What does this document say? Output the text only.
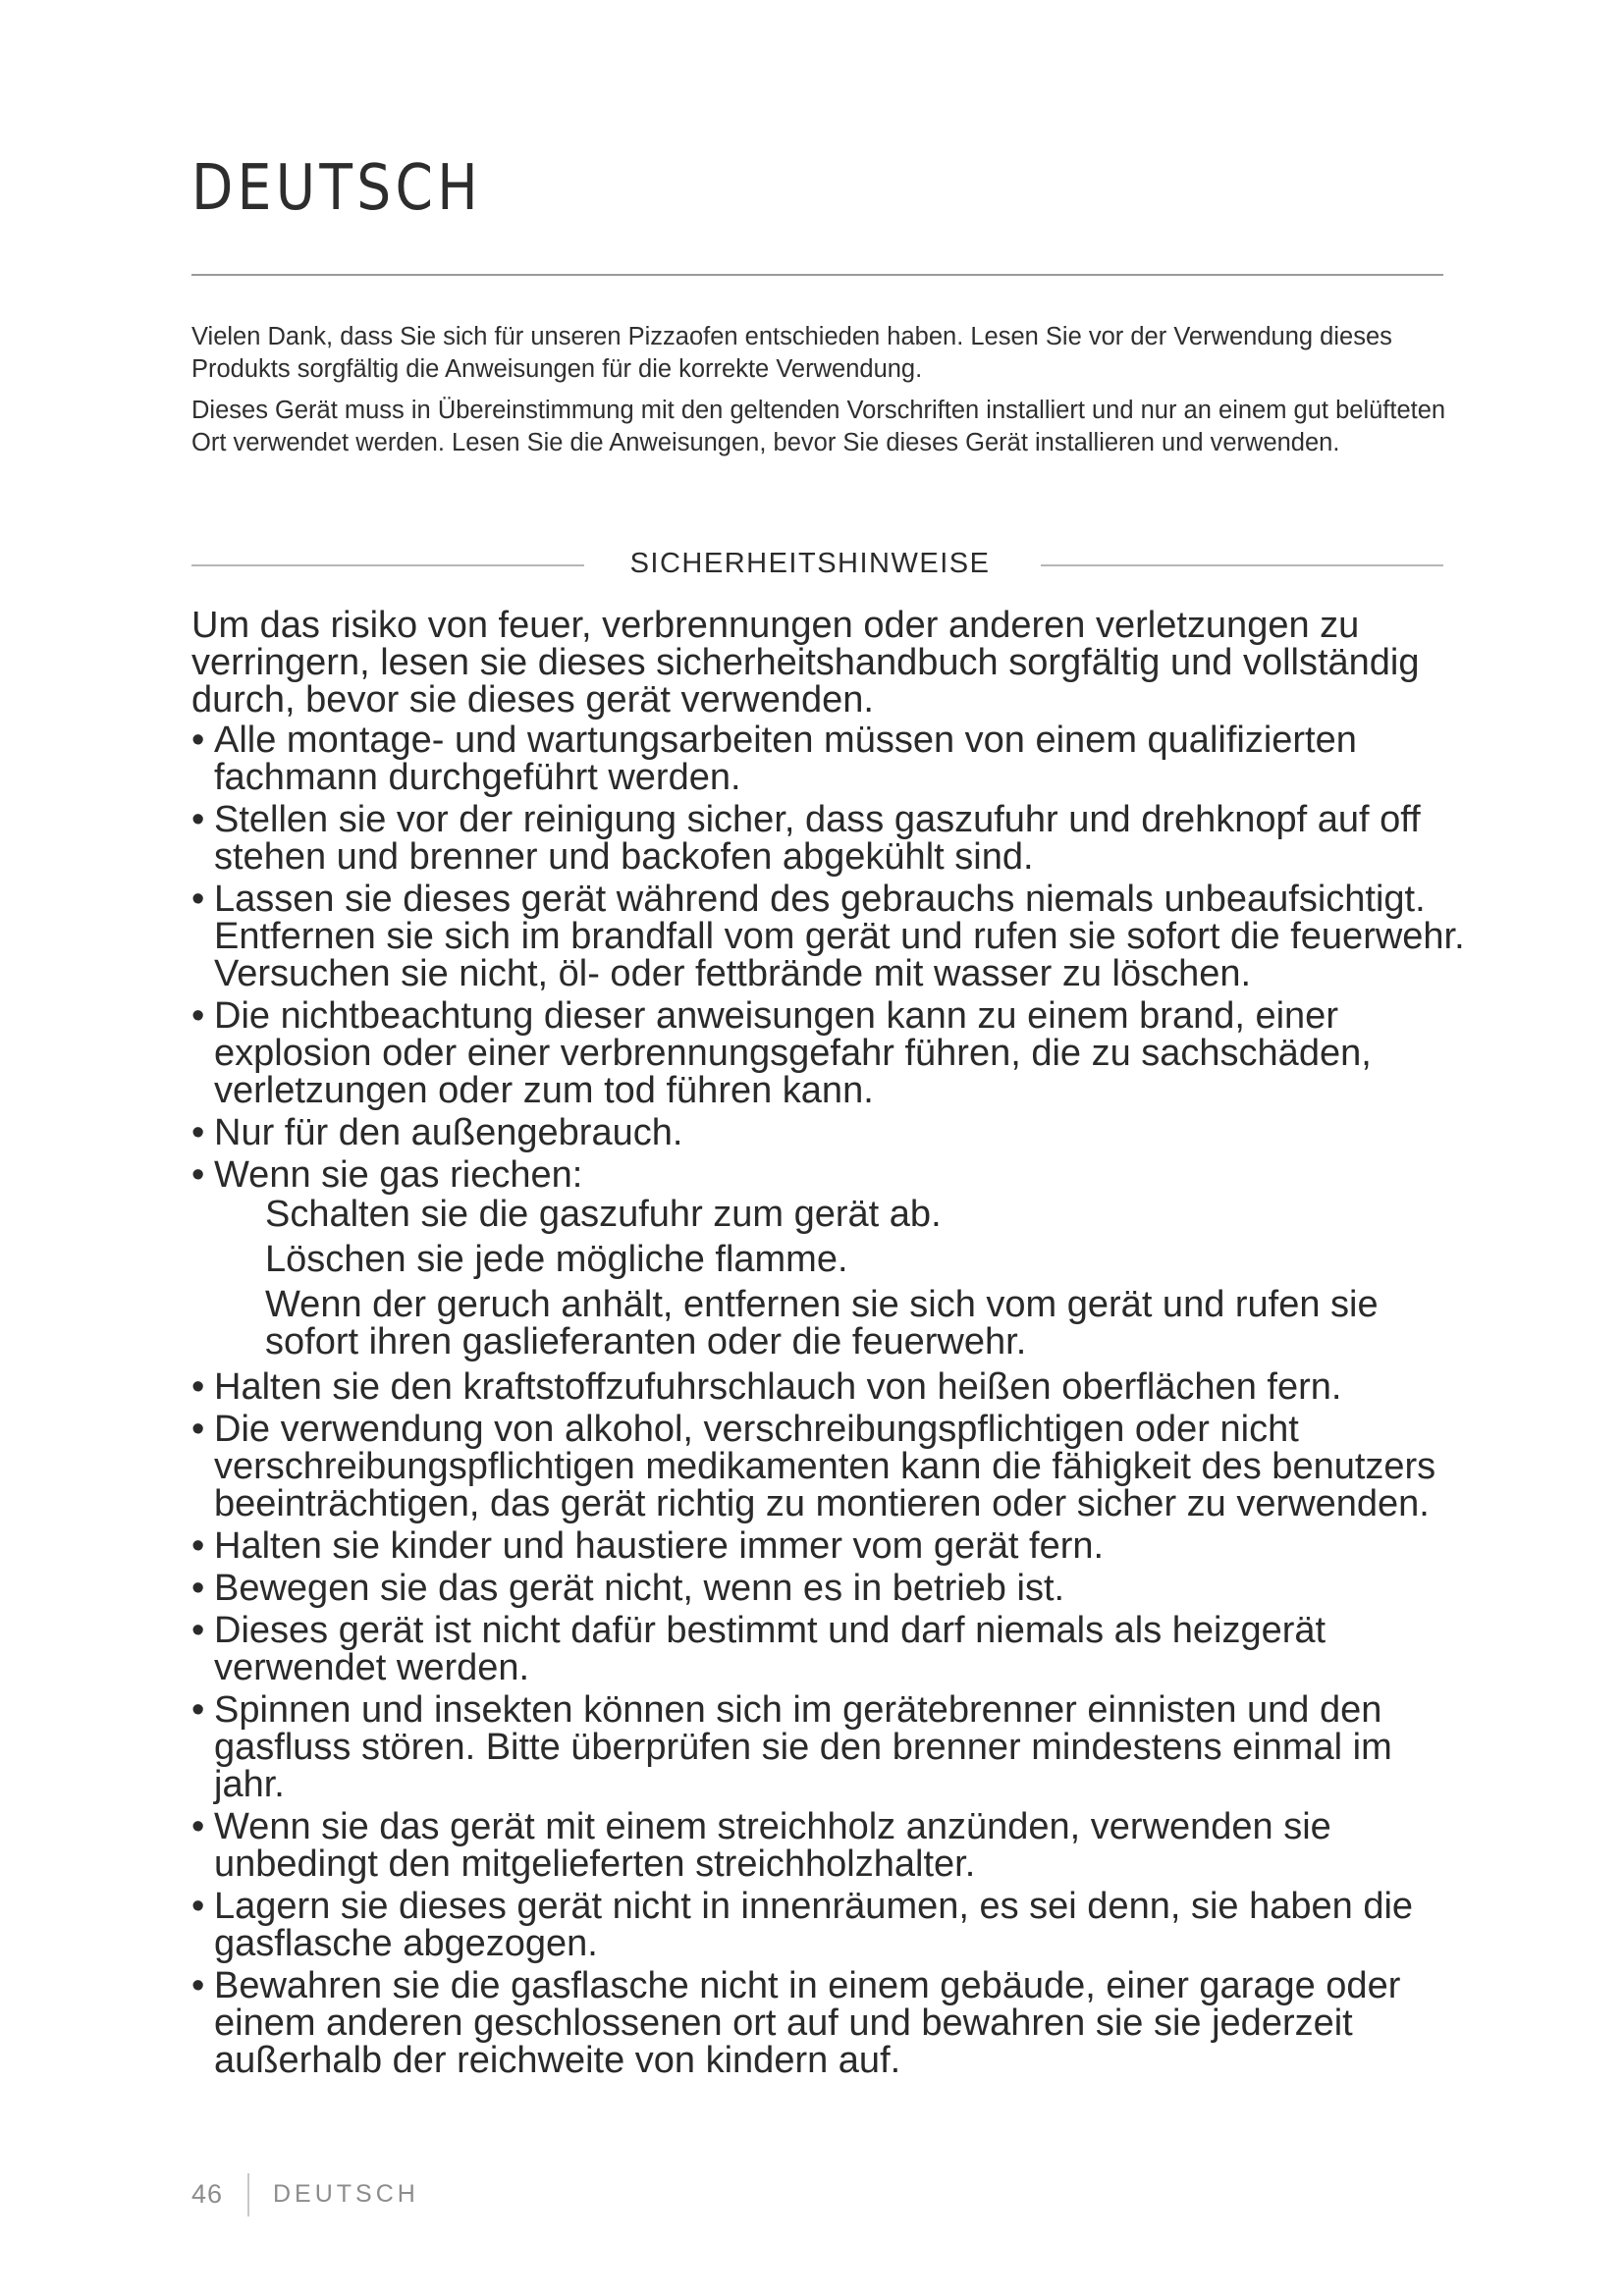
DEUTSCH

Vielen Dank, dass Sie sich für unseren Pizzaofen entschieden haben. Lesen Sie vor der Verwendung dieses Produkts sorgfältig die Anweisungen für die korrekte Verwendung.

Dieses Gerät muss in Übereinstimmung mit den geltenden Vorschriften installiert und nur an einem gut belüfteten Ort verwendet werden. Lesen Sie die Anweisungen, bevor Sie dieses Gerät installieren und verwenden.

SICHERHEITSHINWEISE

Um das risiko von feuer, verbrennungen oder anderen verletzungen zu verringern, lesen sie dieses sicherheitshandbuch sorgfältig und vollständig durch, bevor sie dieses gerät verwenden.

• Alle montage- und wartungsarbeiten müssen von einem qualifizierten fachmann durchgeführt werden.
• Stellen sie vor der reinigung sicher, dass gaszufuhr und drehknopf auf off stehen und brenner und backofen abgekühlt sind.
• Lassen sie dieses gerät während des gebrauchs niemals unbeaufsichtigt. Entfernen sie sich im brandfall vom gerät und rufen sie sofort die feuerwehr. Versuchen sie nicht, öl- oder fettbrände mit wasser zu löschen.
• Die nichtbeachtung dieser anweisungen kann zu einem brand, einer explosion oder einer verbrennungsgefahr führen, die zu sachschäden, verletzungen oder zum tod führen kann.
• Nur für den außengebrauch.
• Wenn sie gas riechen:
Schalten sie die gaszufuhr zum gerät ab.
Löschen sie jede mögliche flamme.
Wenn der geruch anhält, entfernen sie sich vom gerät und rufen sie sofort ihren gaslieferanten oder die feuerwehr.
• Halten sie den kraftstoffzufuhrschlauch von heißen oberflächen fern.
• Die verwendung von alkohol, verschreibungspflichtigen oder nicht verschreibungspflichtigen medikamenten kann die fähigkeit des benutzers beeinträchtigen, das gerät richtig zu montieren oder sicher zu verwenden.
• Halten sie kinder und haustiere immer vom gerät fern.
• Bewegen sie das gerät nicht, wenn es in betrieb ist.
• Dieses gerät ist nicht dafür bestimmt und darf niemals als heizgerät verwendet werden.
• Spinnen und insekten können sich im gerätebrenner einnisten und den gasfluss stören. Bitte überprüfen sie den brenner mindestens einmal im jahr.
• Wenn sie das gerät mit einem streichholz anzünden, verwenden sie unbedingt den mitgelieferten streichholzhalter.
• Lagern sie dieses gerät nicht in innenräumen, es sei denn, sie haben die gasflasche abgezogen.
• Bewahren sie die gasflasche nicht in einem gebäude, einer garage oder einem anderen geschlossenen ort auf und bewahren sie sie jederzeit außerhalb der reichweite von kindern auf.
46 DEUTSCH
